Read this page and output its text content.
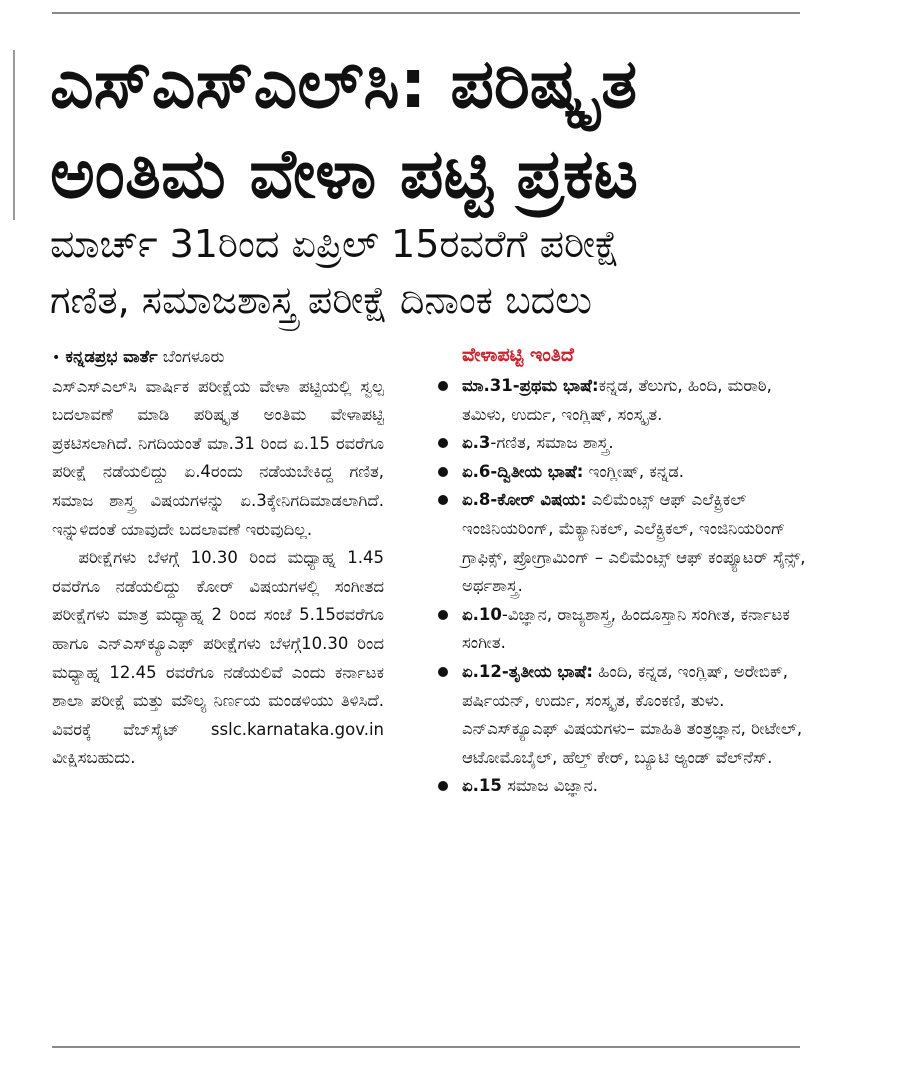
ಎಸ್‌ಎಸ್‌ಎಲ್‌ಸಿ: ಪರಿಷ್ಕೃತ
ಅಂತಿಮ ವೇಳಾ ಪಟ್ಟಿ ಪ್ರಕಟ
ಮಾರ್ಚ್ 31ರಿಂದ ಏಪ್ರಿಲ್ 15ರವರೆಗೆ ಪರೀಕ್ಷೆ
ಗಣಿತ, ಸಮಾಜಶಾಸ್ತ್ರ ಪರೀಕ್ಷೆ ದಿನಾಂಕ ಬದಲು
• ಕನ್ನಡಪ್ರಭ ವಾರ್ತೆ ಬೆಂಗಳೂರು

ಎಸ್‌ಎಸ್‌ಎಲ್‌ಸಿ ವಾರ್ಷಿಕ ಪರೀಕ್ಷೆಯ ವೇಳಾ ಪಟ್ಟಿಯಲ್ಲಿ ಸ್ವಲ್ಪ ಬದಲಾವಣೆ ಮಾಡಿ ಪರಿಷ್ಕೃತ ಅಂತಿಮ ವೇಳಾಪಟ್ಟಿ ಪ್ರಕಟಿಸಲಾಗಿದೆ. ನಿಗದಿಯಂತೆ ಮಾ.31 ರಿಂದ ಏ.15 ರವರೆಗೂ ಪರೀಕ್ಷೆ ನಡೆಯಲಿದ್ದು ಏ.4ರಂದು ನಡೆಯಬೇಕಿದ್ದ ಗಣಿತ, ಸಮಾಜ ಶಾಸ್ತ್ರ ವಿಷಯಗಳನ್ನು ಏ.3ಕ್ಕೇನಿಗದಿಮಾಡಲಾಗಿದೆ. ಇನ್ನುಳಿದಂತೆ ಯಾವುದೇ ಬದಲಾವಣೆ ಇರುವುದಿಲ್ಲ.

ಪರೀಕ್ಷೆಗಳು ಬೆಳಗ್ಗೆ 10.30 ರಿಂದ ಮಧ್ಯಾಹ್ನ 1.45 ರವರೆಗೂ ನಡೆಯಲಿದ್ದು ಕೋರ್ ವಿಷಯಗಳಲ್ಲಿ ಸಂಗೀತದ ಪರೀಕ್ಷೆಗಳು ಮಾತ್ರ ಮಧ್ಯಾಹ್ನ 2 ರಿಂದ ಸಂಜೆ 5.15ರವರೆಗೂ ಹಾಗೂ ಎನ್‌ಎಸ್‌ಕ್ಯೂಎಫ್ ಪರೀಕ್ಷೆಗಳು ಬೆಳಗ್ಗೆ10.30 ರಿಂದ ಮಧ್ಯಾಹ್ನ 12.45 ರವರೆಗೂ ನಡೆಯಲಿವೆ ಎಂದು ಕರ್ನಾಟಕ ಶಾಲಾ ಪರೀಕ್ಷೆ ಮತ್ತು ಮೌಲ್ಯ ನಿರ್ಣಯ ಮಂಡಳಿಯು ತಿಳಿಸಿದೆ. ವಿವರಕ್ಕೆ ವೆಬ್‌ಸೈಟ್ sslc.karnataka.gov.in ವೀಕ್ಷಿಸಬಹುದು.

ವೇಳಾಪಟ್ಟಿ ಇಂತಿದೆ
ಮಾ.31-ಪ್ರಥಮ ಭಾಷೆ:ಕನ್ನಡ, ತೆಲುಗು, ಹಿಂದಿ, ಮರಾಠಿ, ತಮಿಳು, ಉರ್ದು, ಇಂಗ್ಲಿಷ್, ಸಂಸ್ಕೃತ.
ಏ.3-ಗಣಿತ, ಸಮಾಜ ಶಾಸ್ತ್ರ.
ಏ.6-ದ್ವಿತೀಯ ಭಾಷೆ: ಇಂಗ್ಲೀಷ್, ಕನ್ನಡ.
ಏ.8-ಕೋರ್ ವಿಷಯ: ಎಲಿಮೆಂಟ್ಸ್ ಆಫ್ ಎಲೆಕ್ಟ್ರಿಕಲ್ ಇಂಜಿನಿಯರಿಂಗ್, ಮೆಕ್ಯಾನಿಕಲ್, ಎಲೆಕ್ಟ್ರಿಕಲ್, ಇಂಜಿನಿಯರಿಂಗ್ ಗ್ರಾಫಿಕ್ಸ್, ಪ್ರೋಗ್ರಾಮಿಂಗ್ – ಎಲಿಮೆಂಟ್ಸ್ ಆಫ್ ಕಂಪ್ಯೂಟರ್ ಸೈನ್ಸ್, ಅರ್ಥಶಾಸ್ತ್ರ.
ಏ.10-ವಿಜ್ಞಾನ, ರಾಜ್ಯಶಾಸ್ತ್ರ, ಹಿಂದೂಸ್ತಾನಿ ಸಂಗೀತ, ಕರ್ನಾಟಕ ಸಂಗೀತ.
ಏ.12-ತೃತೀಯ ಭಾಷೆ: ಹಿಂದಿ, ಕನ್ನಡ, ಇಂಗ್ಲಿಷ್, ಅರೇಬಿಕ್, ಪರ್ಷಿಯನ್, ಉರ್ದು, ಸಂಸ್ಕೃತ, ಕೊಂಕಣಿ, ತುಳು. ಎನ್‌ಎಸ್‌ಕ್ಯೂಎಫ್ ವಿಷಯಗಳು– ಮಾಹಿತಿ ತಂತ್ರಜ್ಞಾನ, ರೀಟೇಲ್, ಆಟೋಮೊಬೈಲ್, ಹೆಲ್ತ್ ಕೇರ್, ಬ್ಯೂಟಿ ಅ್ಯಂಡ್ ವೆಲ್‌ನೆಸ್.
ಏ.15 ಸಮಾಜ ವಿಜ್ಞಾನ.
